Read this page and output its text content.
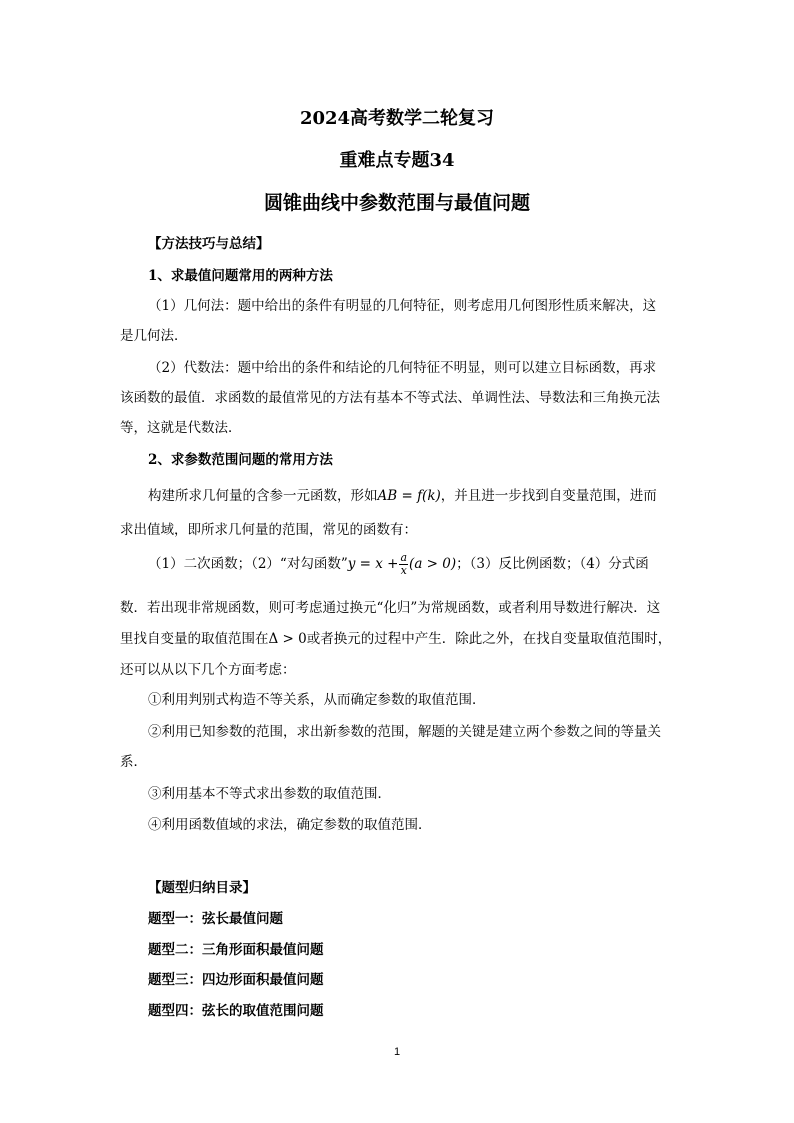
2024高考数学二轮复习
重难点专题34
圆锥曲线中参数范围与最值问题
【方法技巧与总结】
1、求最值问题常用的两种方法
（1）几何法：题中给出的条件有明显的几何特征，则考虑用几何图形性质来解决，这
是几何法．
（2）代数法：题中给出的条件和结论的几何特征不明显，则可以建立目标函数，再求
该函数的最值．求函数的最值常见的方法有基本不等式法、单调性法、导数法和三角换元法
等，这就是代数法．
2、求参数范围问题的常用方法
构建所求几何量的含参一元函数，形如AB = f(k)，并且进一步找到自变量范围，进而
求出值域，即所求几何量的范围，常见的函数有：
（1）二次函数；（2）“对勾函数”y = $x + \frac{a}{x} (a > 0)$；（3）反比例函数；（4）分式函
数．若出现非常规函数，则可考虑通过换元“化归”为常规函数，或者利用导数进行解决．这
里找自变量的取值范围在Δ > 0或者换元的过程中产生．除此之外，在找自变量取值范围时，
还可以从以下几个方面考虑：
①利用判别式构造不等关系，从而确定参数的取值范围．
②利用已知参数的范围，求出新参数的范围，解题的关键是建立两个参数之间的等量关
系．
③利用基本不等式求出参数的取值范围．
④利用函数值域的求法，确定参数的取值范围．
【题型归纳目录】
题型一：弦长最值问题
题型二：三角形面积最值问题
题型三：四边形面积最值问题
题型四：弦长的取值范围问题
1
